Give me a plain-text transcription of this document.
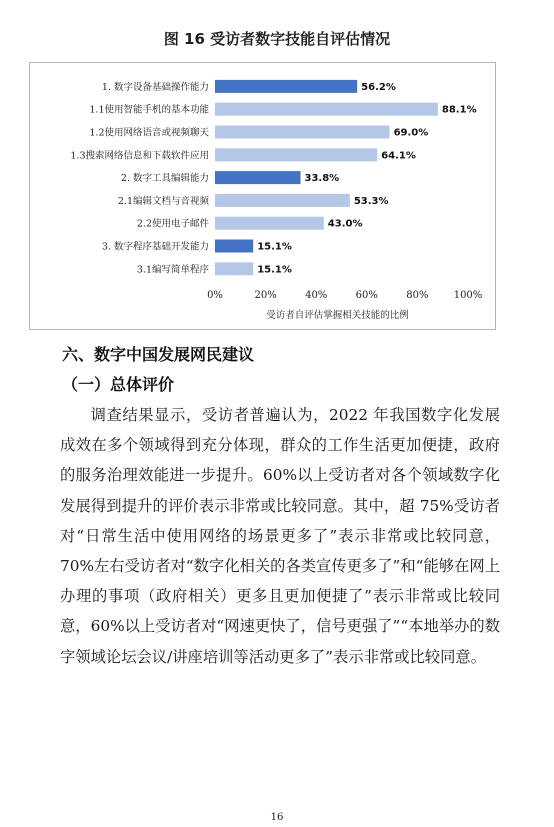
图 16 受访者数字技能自评估情况
1. 数字设备基础操作能力	56.2%
1.1使用智能手机的基本功能	88.1%
1.2使用网络语音或视频聊天	69.0%
1.3搜索网络信息和下载软件应用	64.1%
2. 数字工具编辑能力	33.8%
2.1编辑文档与音视频	53.3%
2.2使用电子邮件	43.0%
3. 数字程序基础开发能力	15.1%
3.1编写简单程序	15.1%
0%	20%	40%	60%	80%	100%
受访者自评估掌握相关技能的比例
六、数字中国发展网民建议
（一）总体评价

调查结果显示，受访者普遍认为，2022 年我国数字化发展成效在多个领域得到充分体现，群众的工作生活更加便捷，政府的服务治理效能进一步提升。60%以上受访者对各个领域数字化发展得到提升的评价表示非常或比较同意。其中，超 75%受访者对“日常生活中使用网络的场景更多了”表示非常或比较同意，70%左右受访者对“数字化相关的各类宣传更多了”和“能够在网上办理的事项（政府相关）更多且更加便捷了”表示非常或比较同意，60%以上受访者对“网速更快了，信号更强了”“本地举办的数字领域论坛会议/讲座培训等活动更多了”表示非常或比较同意。

16
